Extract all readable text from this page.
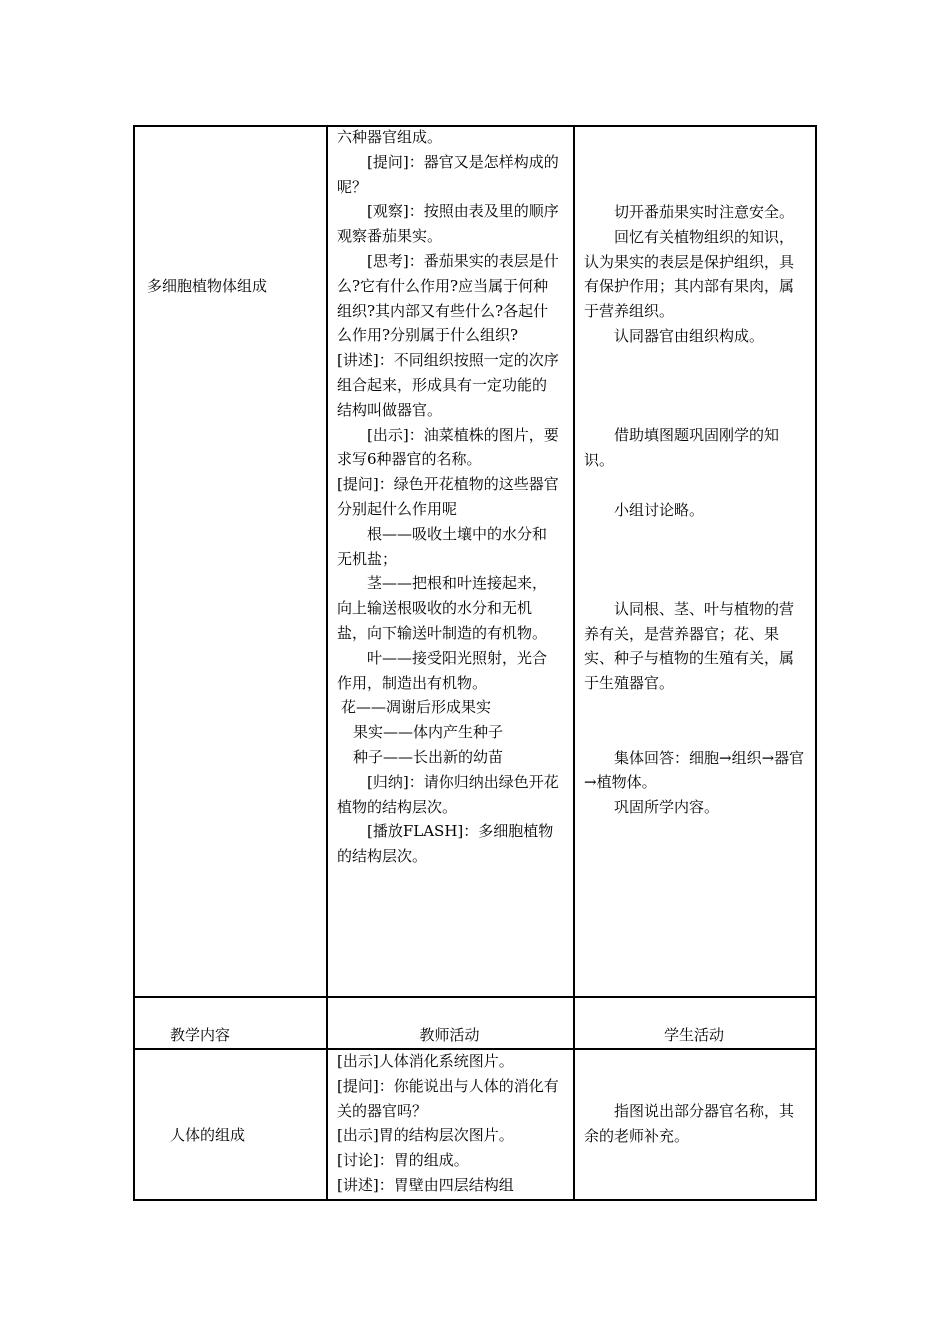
多细胞植物体组成

六种器官组成。

[提问]：器官又是怎样构成的呢？

[观察]：按照由表及里的顺序观察番茄果实。

[思考]：番茄果实的表层是什么?它有什么作用?应当属于何种组织?其内部又有些什么?各起什么作用?分别属于什么组织?

[讲述]：不同组织按照一定的次序组合起来，形成具有一定功能的结构叫做器官。

[出示]：油菜植株的图片，要求写6种器官的名称。

[提问]：绿色开花植物的这些器官分别起什么作用呢

根——吸收土壤中的水分和无机盐；

茎——把根和叶连接起来，向上输送根吸收的水分和无机盐，向下输送叶制造的有机物。

叶——接受阳光照射，光合作用，制造出有机物。

花——凋谢后形成果实

果实——体内产生种子

种子——长出新的幼苗

[归纳]：请你归纳出绿色开花植物的结构层次。

[播放FLASH]：多细胞植物的结构层次。

切开番茄果实时注意安全。

回忆有关植物组织的知识，认为果实的表层是保护组织，具有保护作用；其内部有果肉，属于营养组织。

认同器官由组织构成。

借助填图题巩固刚学的知识。

小组讨论略。

认同根、茎、叶与植物的营养有关，是营养器官；花、果实、种子与植物的生殖有关，属于生殖器官。

集体回答：细胞→组织→器官→植物体。

巩固所学内容。

教学内容	教师活动	学生活动

人体的组成

[出示]人体消化系统图片。

[提问]：你能说出与人体的消化有关的器官吗？

[出示]胃的结构层次图片。

[讨论]：胃的组成。

[讲述]：胃壁由四层结构组

指图说出部分器官名称，其余的老师补充。
